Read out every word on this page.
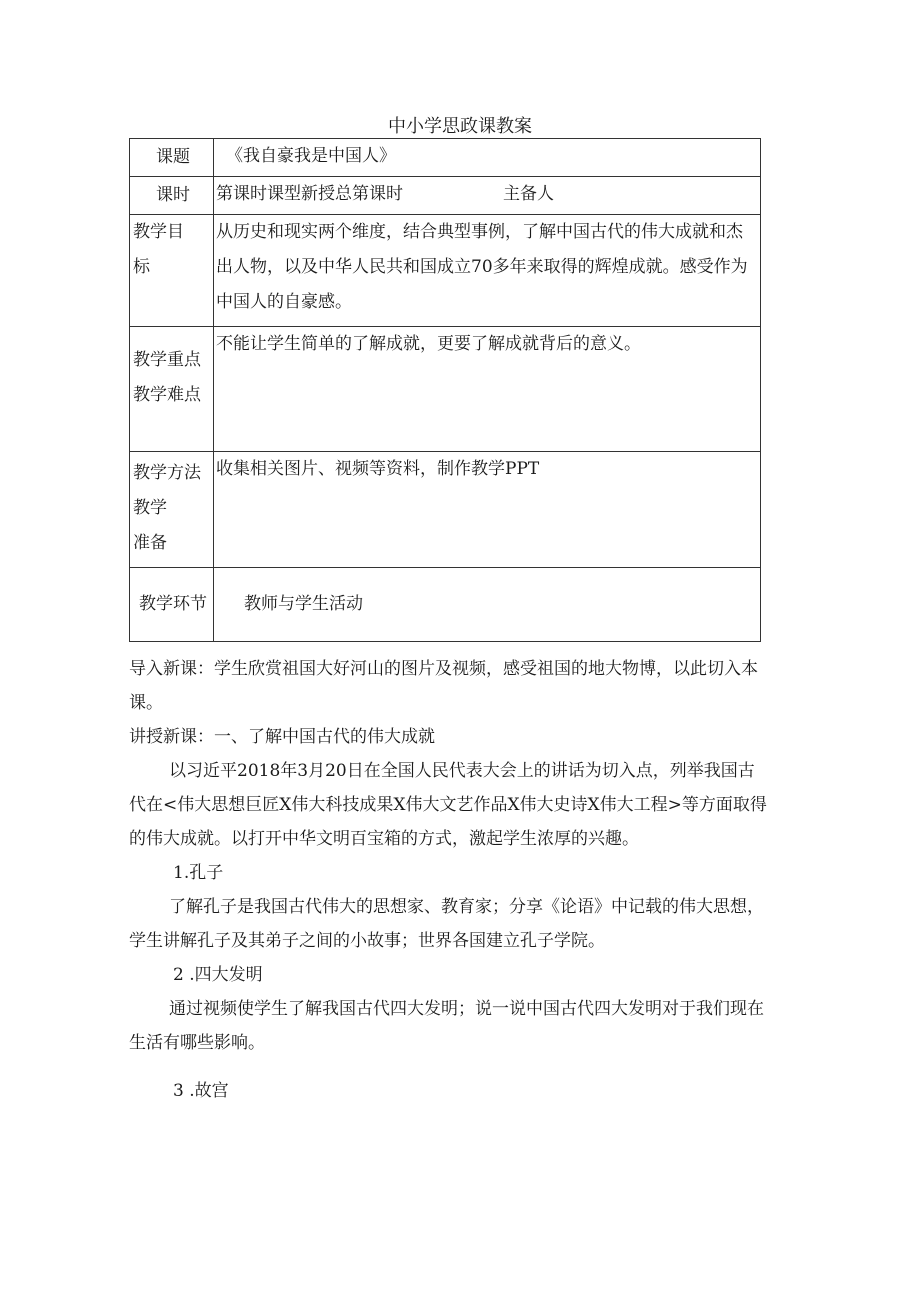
中小学思政课教案
课题	《我自豪我是中国人》
课时	第课时课型新授总第课时 主备人

教学目
标	从历史和现实两个维度，结合典型事例，了解中国古代的伟大成就和杰出人物，以及中华人民共和国成立70多年来取得的辉煌成就。感受作为中国人的自豪感。

教学重点
教学难点	不能让学生简单的了解成就，更要了解成就背后的意义。

教学方法
教学
准备	收集相关图片、视频等资料，制作教学PPT
教学环节	教师与学生活动

导入新课：学生欣赏祖国大好河山的图片及视频，感受祖国的地大物博，以此切入本课。

讲授新课：一、了解中国古代的伟大成就

以习近平2018年3月20日在全国人民代表大会上的讲话为切入点，列举我国古代在<伟大思想巨匠X伟大科技成果X伟大文艺作品X伟大史诗X伟大工程>等方面取得的伟大成就。以打开中华文明百宝箱的方式，激起学生浓厚的兴趣。

1.孔子

了解孔子是我国古代伟大的思想家、教育家；分享《论语》中记载的伟大思想，学生讲解孔子及其弟子之间的小故事；世界各国建立孔子学院。

2 .四大发明

通过视频使学生了解我国古代四大发明；说一说中国古代四大发明对于我们现在生活有哪些影响。

3 .故宫
